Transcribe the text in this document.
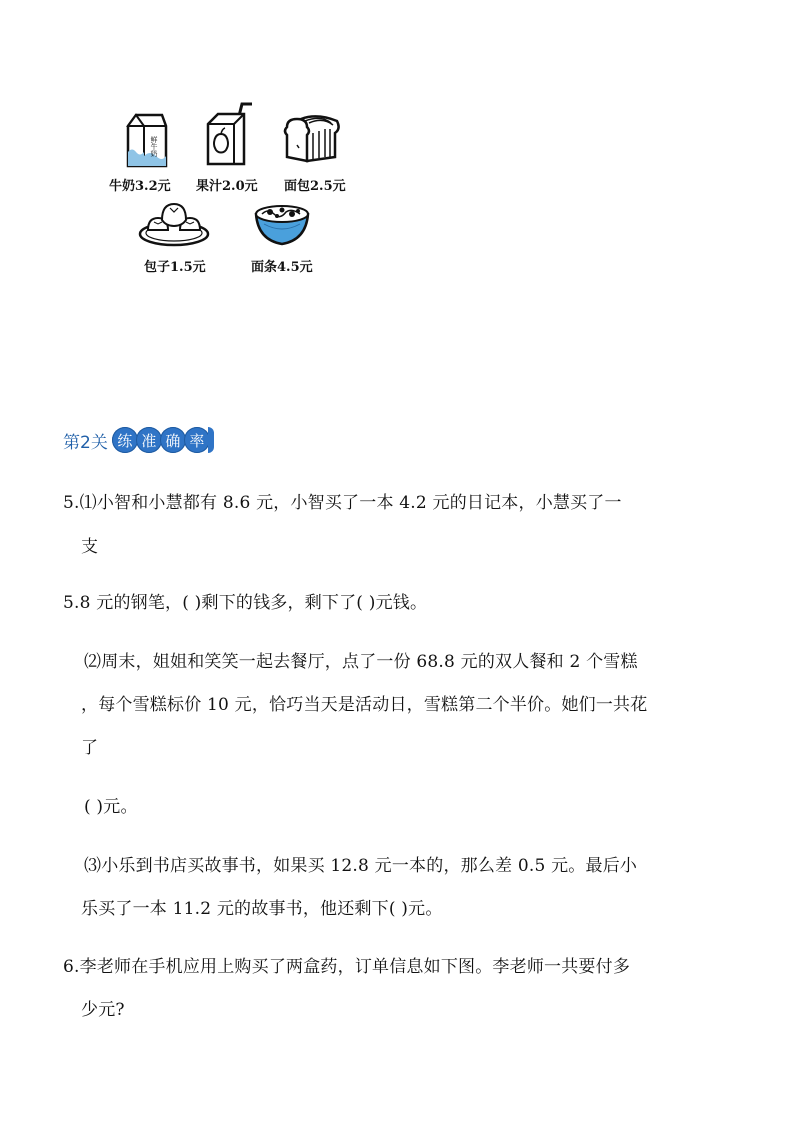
鲜牛奶
牛奶3.2元 果汁2.0元 面包2.5元
包子1.5元	面条4.5元
第2关 练 准 确 率
5.⑴小智和小慧都有 8.6 元，小智买了一本 4.2 元的日记本，小慧买了一
支
5.8 元的钢笔，( )剩下的钱多，剩下了( )元钱。
⑵周末，姐姐和笑笑一起去餐厅，点了一份 68.8 元的双人餐和 2 个雪糕
，每个雪糕标价 10 元，恰巧当天是活动日，雪糕第二个半价。她们一共花
了
( )元。
⑶小乐到书店买故事书，如果买 12.8 元一本的，那么差 0.5 元。最后小
乐买了一本 11.2 元的故事书，他还剩下( )元。
6.李老师在手机应用上购买了两盒药，订单信息如下图。李老师一共要付多
少元?
